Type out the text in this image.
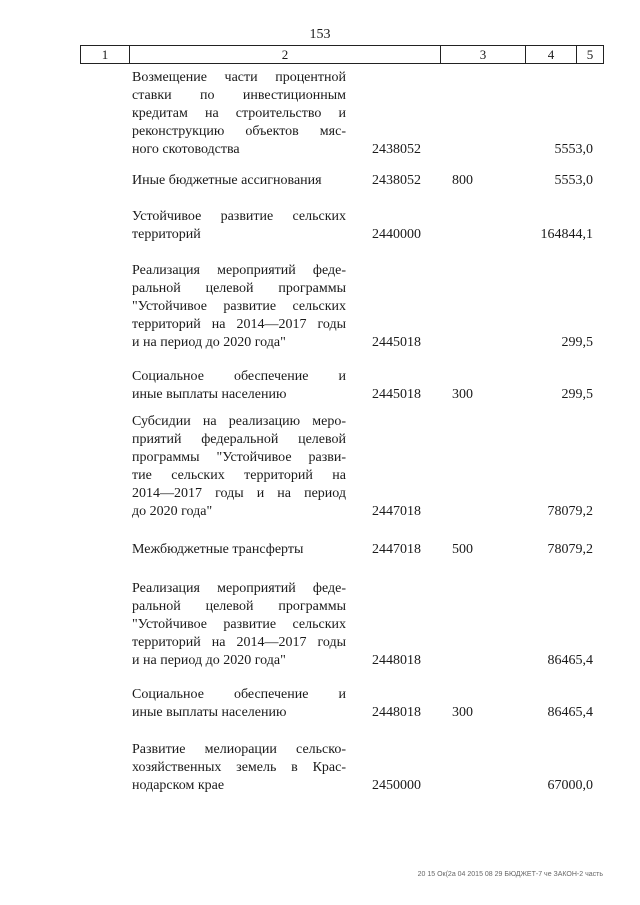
153
1	2	3	4	5
Возмещение части процентной
ставки по инвестиционным
кредитам на строительство и
реконструкцию объектов мяс-
ного скотоводства	2438052	5553,0
Иные бюджетные ассигнования	2438052 800	5553,0
Устойчивое развитие сельских
территорий	2440000	164844,1
Реализация мероприятий феде-
ральной целевой программы
"Устойчивое развитие сельских
территорий на 2014—2017 годы
и на период до 2020 года"	2445018	299,5
Социальное обеспечение и
иные выплаты населению	2445018 300	299,5
Субсидии на реализацию меро-
приятий федеральной целевой
программы "Устойчивое разви-
тие сельских территорий на
2014—2017 годы и на период
до 2020 года"	2447018	78079,2
Межбюджетные трансферты	2447018 500	78079,2
Реализация мероприятий феде-
ральной целевой программы
"Устойчивое развитие сельских
территорий на 2014—2017 годы
и на период до 2020 года"	2448018	86465,4
Социальное обеспечение и
иные выплаты населению	2448018 300	86465,4
Развитие мелиорации сельско-
хозяйственных земель в Крас-
нодарском крае	2450000	67000,0
20 15 Ок(2а 04 2015 08 29 БЮДЖЕТ-7 че ЗАКОН-2 часть
